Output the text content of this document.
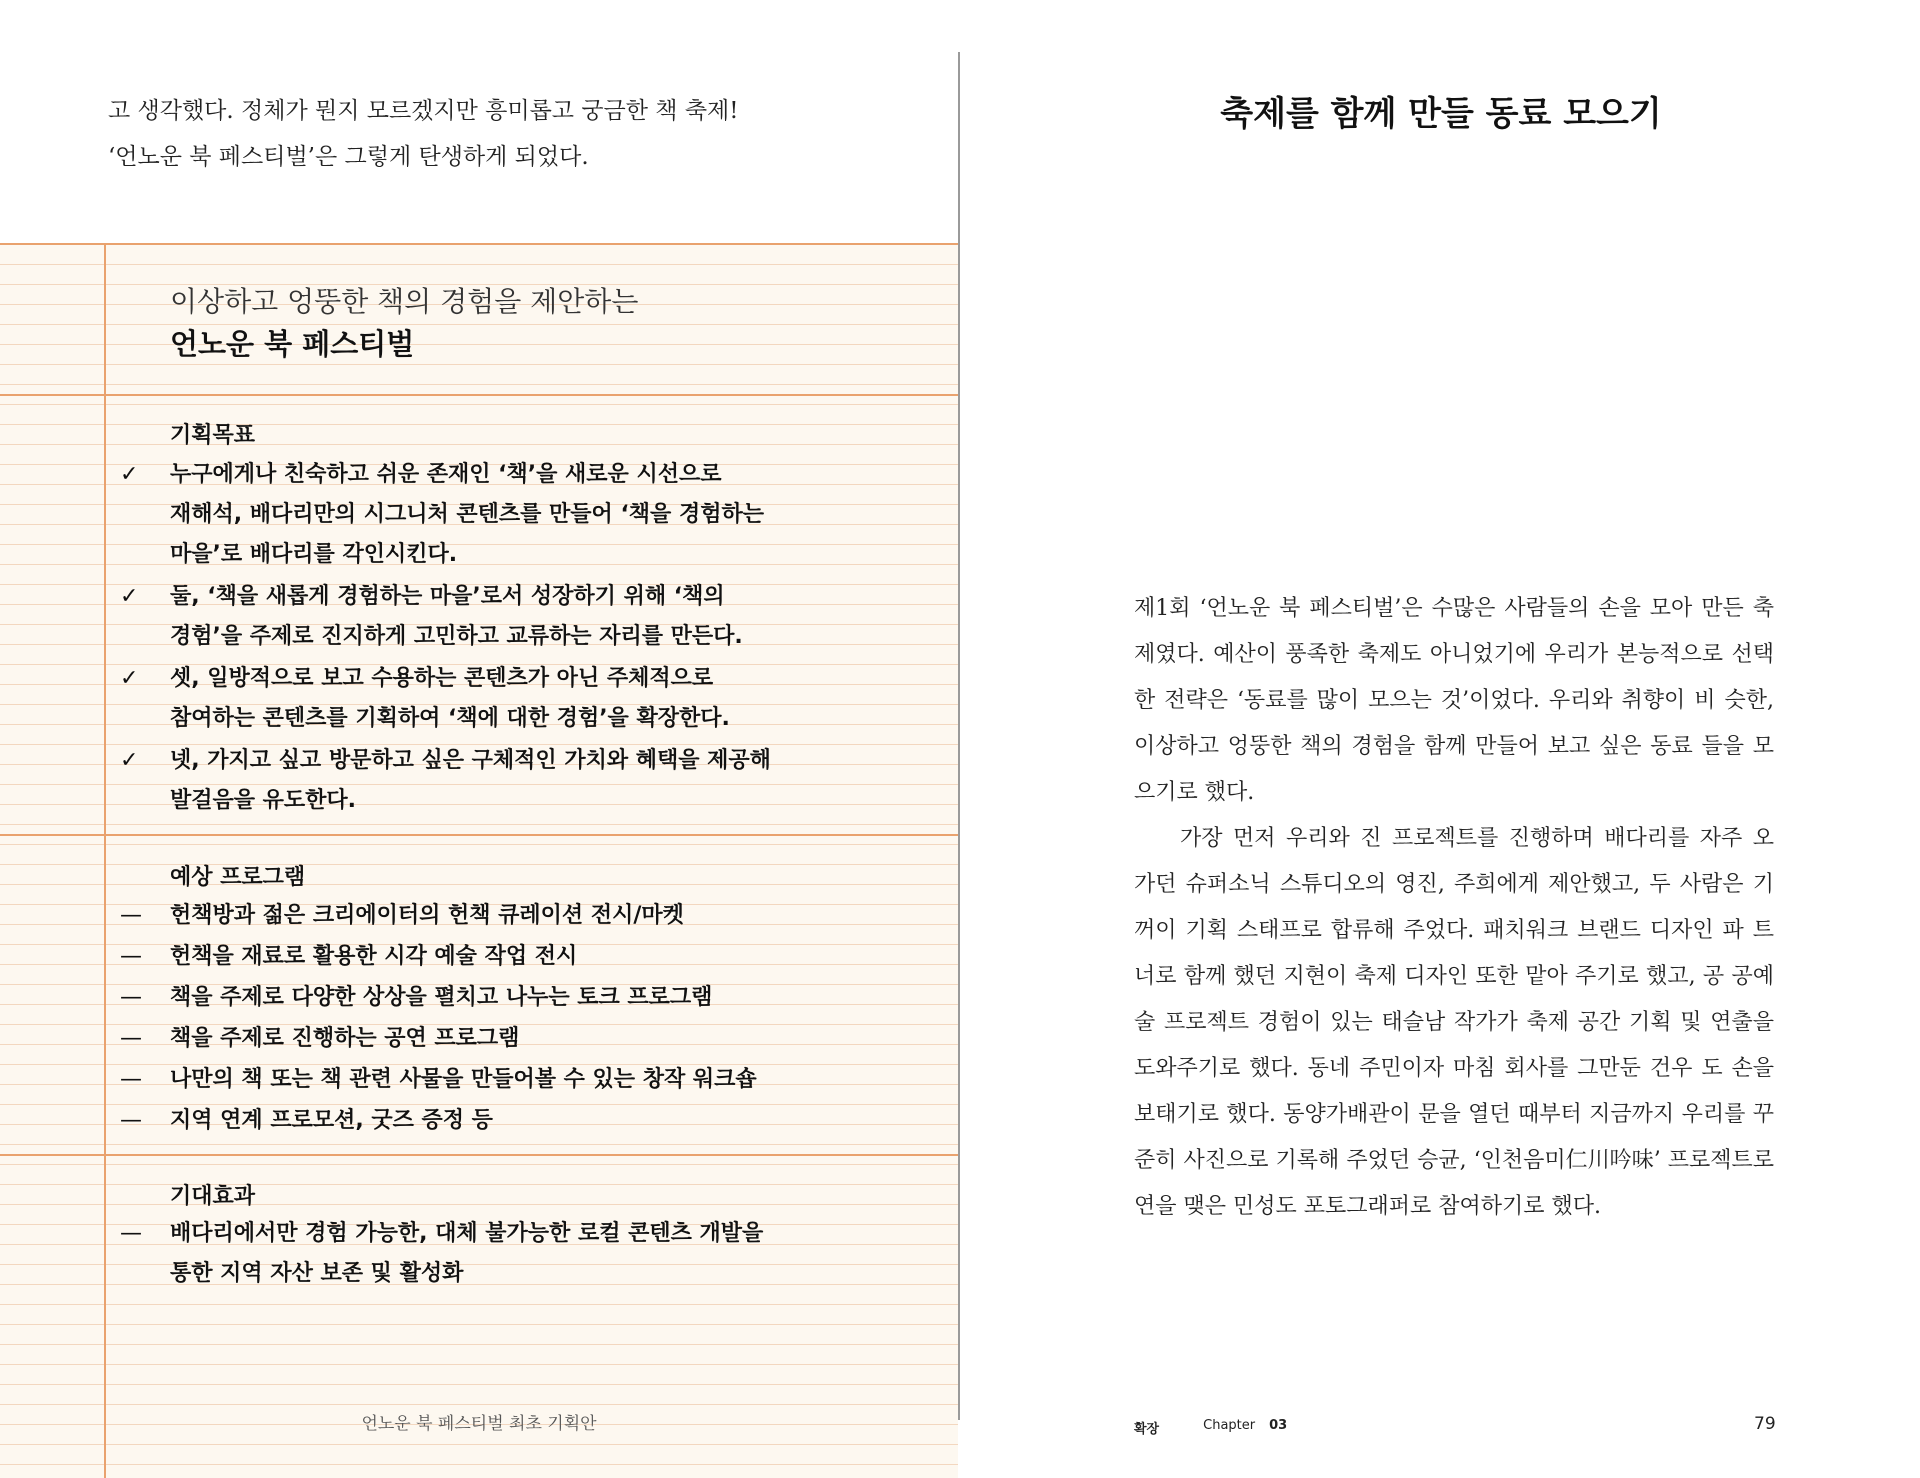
고 생각했다. 정체가 뭔지 모르겠지만 흥미롭고 궁금한 책 축제!

‘언노운 북 페스티벌’은 그렇게 탄생하게 되었다.

이상하고 엉뚱한 책의 경험을 제안하는
언노운 북 페스티벌
기획목표
✓	누구에게나 친숙하고 쉬운 존재인 ‘책’을 새로운 시선으로
재해석, 배다리만의 시그니처 콘텐츠를 만들어 ‘책을 경험하는
마을’로 배다리를 각인시킨다.
✓	둘, ‘책을 새롭게 경험하는 마을’로서 성장하기 위해 ‘책의
경험’을 주제로 진지하게 고민하고 교류하는 자리를 만든다.
✓	셋, 일방적으로 보고 수용하는 콘텐츠가 아닌 주체적으로
참여하는 콘텐츠를 기획하여 ‘책에 대한 경험’을 확장한다.
✓	넷, 가지고 싶고 방문하고 싶은 구체적인 가치와 혜택을 제공해
발걸음을 유도한다.
예상 프로그램
—	헌책방과 젊은 크리에이터의 헌책 큐레이션 전시/마켓
—	헌책을 재료로 활용한 시각 예술 작업 전시
—	책을 주제로 다양한 상상을 펼치고 나누는 토크 프로그램
—	책을 주제로 진행하는 공연 프로그램
—	나만의 책 또는 책 관련 사물을 만들어볼 수 있는 창작 워크숍
—	지역 연계 프로모션, 굿즈 증정 등
기대효과
—	배다리에서만 경험 가능한, 대체 불가능한 로컬 콘텐츠 개발을
통한 지역 자산 보존 및 활성화
언노운 북 페스티벌 최초 기획안
축제를 함께 만들 동료 모으기

제1회 ‘언노운 북 페스티벌’은 수많은 사람들의 손을 모아 만든 축제였다. 예산이 풍족한 축제도 아니었기에 우리가 본능적으로 선택한 전략은 ‘동료를 많이 모으는 것’이었다. 우리와 취향이 비 슷한, 이상하고 엉뚱한 책의 경험을 함께 만들어 보고 싶은 동료 들을 모으기로 했다.

가장 먼저 우리와 진 프로젝트를 진행하며 배다리를 자주 오 가던 슈퍼소닉 스튜디오의 영진, 주희에게 제안했고, 두 사람은 기꺼이 기획 스태프로 합류해 주었다. 패치워크 브랜드 디자인 파 트너로 함께 했던 지현이 축제 디자인 또한 맡아 주기로 했고, 공 공예술 프로젝트 경험이 있는 태슬남 작가가 축제 공간 기획 및 연출을 도와주기로 했다. 동네 주민이자 마침 회사를 그만둔 건우 도 손을 보태기로 했다. 동양가배관이 문을 열던 때부터 지금까지 우리를 꾸준히 사진으로 기록해 주었던 승균, ‘인천음미仁川吟味’ 프로젝트로 연을 맺은 민성도 포토그래퍼로 참여하기로 했다.

확장	Chapter 03	79
